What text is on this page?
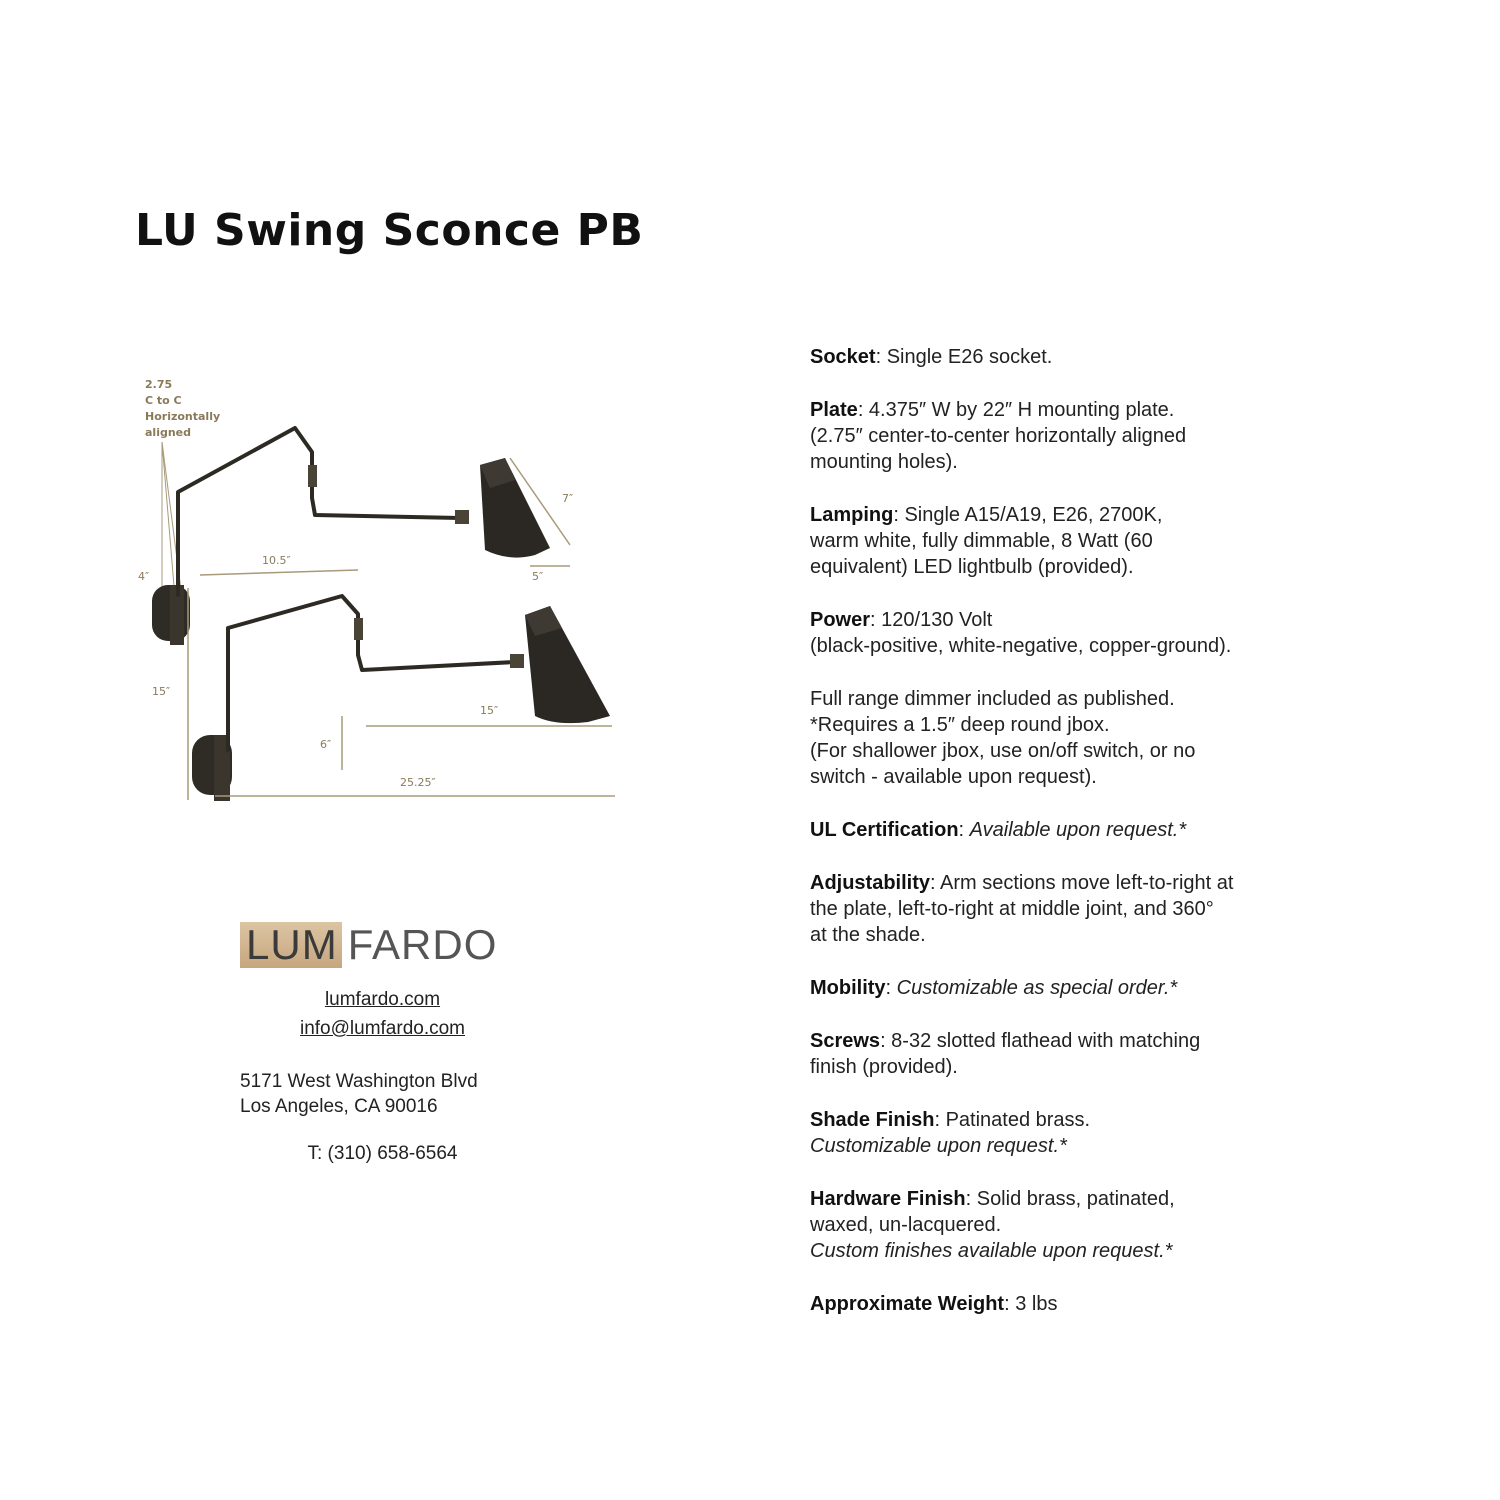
LU Swing Sconce PB
2.75
C to C
Horizontally
aligned
7″
5″
10.5″
4″
15″
15″
6″
25.25″
LUM FARDO
lumfardo.com
info@lumfardo.com
5171 West Washington Blvd
Los Angeles, CA 90016
T: (310) 658-6564

Socket: Single E26 socket.

Plate: 4.375″ W by 22″ H mounting plate.
(2.75″ center-to-center horizontally aligned
mounting holes).

Lamping: Single A15/A19, E26, 2700K,
warm white, fully dimmable, 8 Watt (60
equivalent) LED lightbulb (provided).

Power: 120/130 Volt
(black-positive, white-negative, copper-ground).

Full range dimmer included as published.
*Requires a 1.5″ deep round jbox.
(For shallower jbox, use on/off switch, or no
switch - available upon request).

UL Certification: Available upon request.*

Adjustability: Arm sections move left-to-right at
the plate, left-to-right at middle joint, and 360°
at the shade.

Mobility: Customizable as special order.*

Screws: 8-32 slotted flathead with matching
finish (provided).

Shade Finish: Patinated brass.
Customizable upon request.*

Hardware Finish: Solid brass, patinated,
waxed, un-lacquered.
Custom finishes available upon request.*

Approximate Weight: 3 lbs
